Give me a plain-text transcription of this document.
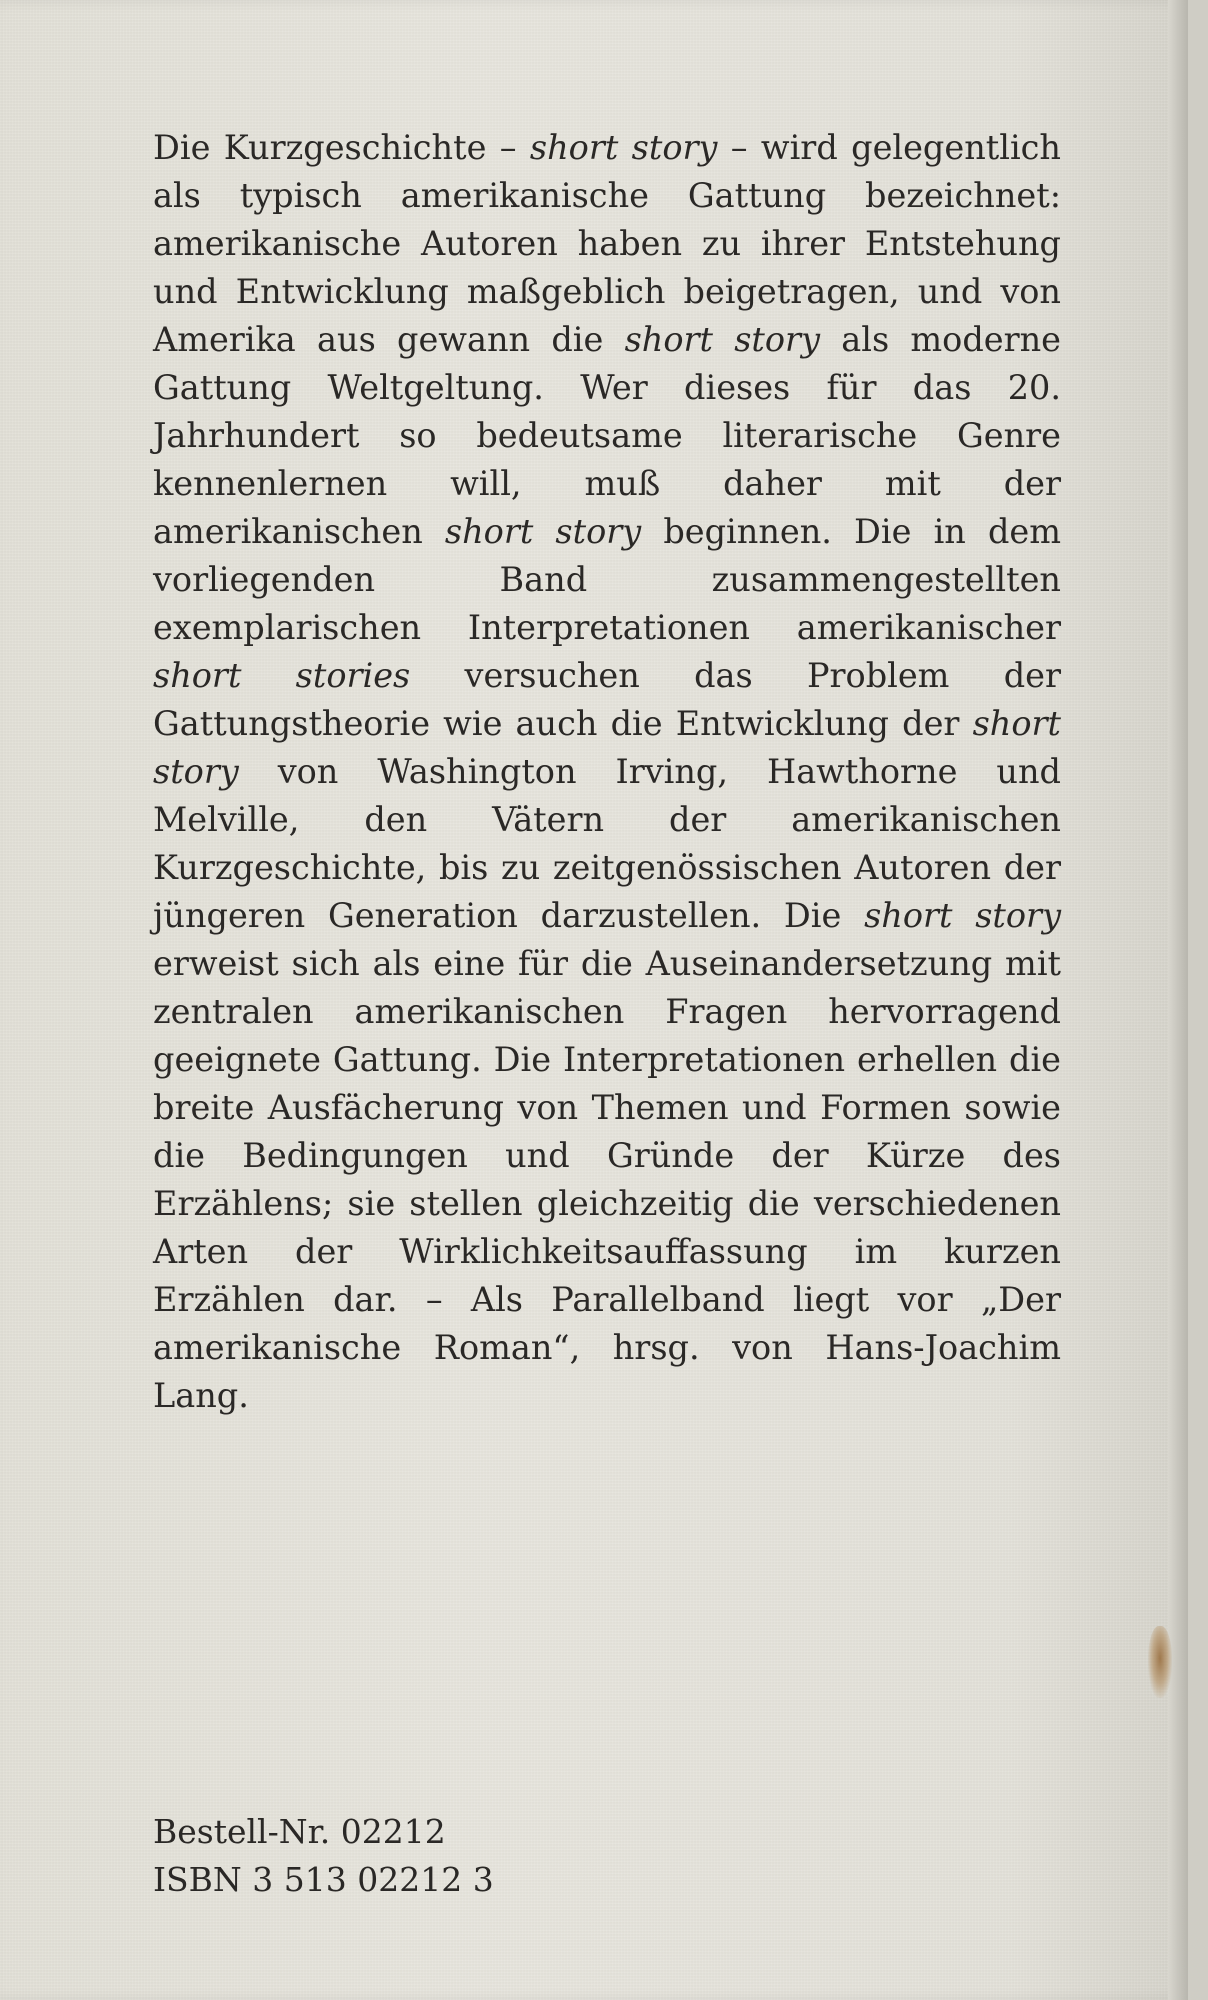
Die Kurzgeschichte – short story – wird gelegentlich als typisch amerikanische Gattung bezeichnet: amerikanische Autoren haben zu ihrer Entstehung und Entwicklung maßgeblich beigetragen, und von Amerika aus gewann die short story als moderne Gattung Weltgeltung. Wer dieses für das 20. Jahrhundert so bedeutsame literarische Genre kennenlernen will, muß daher mit der amerikanischen short story beginnen. Die in dem vorliegenden Band zusammengestellten exemplarischen Interpretationen amerikanischer short stories versuchen das Problem der Gattungstheorie wie auch die Entwicklung der short story von Washington Irving, Hawthorne und Melville, den Vätern der amerikanischen Kurzgeschichte, bis zu zeitgenössischen Autoren der jüngeren Generation darzustellen. Die short story erweist sich als eine für die Auseinandersetzung mit zentralen amerikanischen Fragen hervorragend geeignete Gattung. Die Interpretationen erhellen die breite Ausfächerung von Themen und Formen sowie die Bedingungen und Gründe der Kürze des Erzählens; sie stellen gleichzeitig die verschiedenen Arten der Wirklichkeitsauffassung im kurzen Erzählen dar. – Als Parallelband liegt vor „Der amerikanische Roman“, hrsg. von Hans-Joachim Lang.

Bestell-Nr. 02212
ISBN 3 513 02212 3
